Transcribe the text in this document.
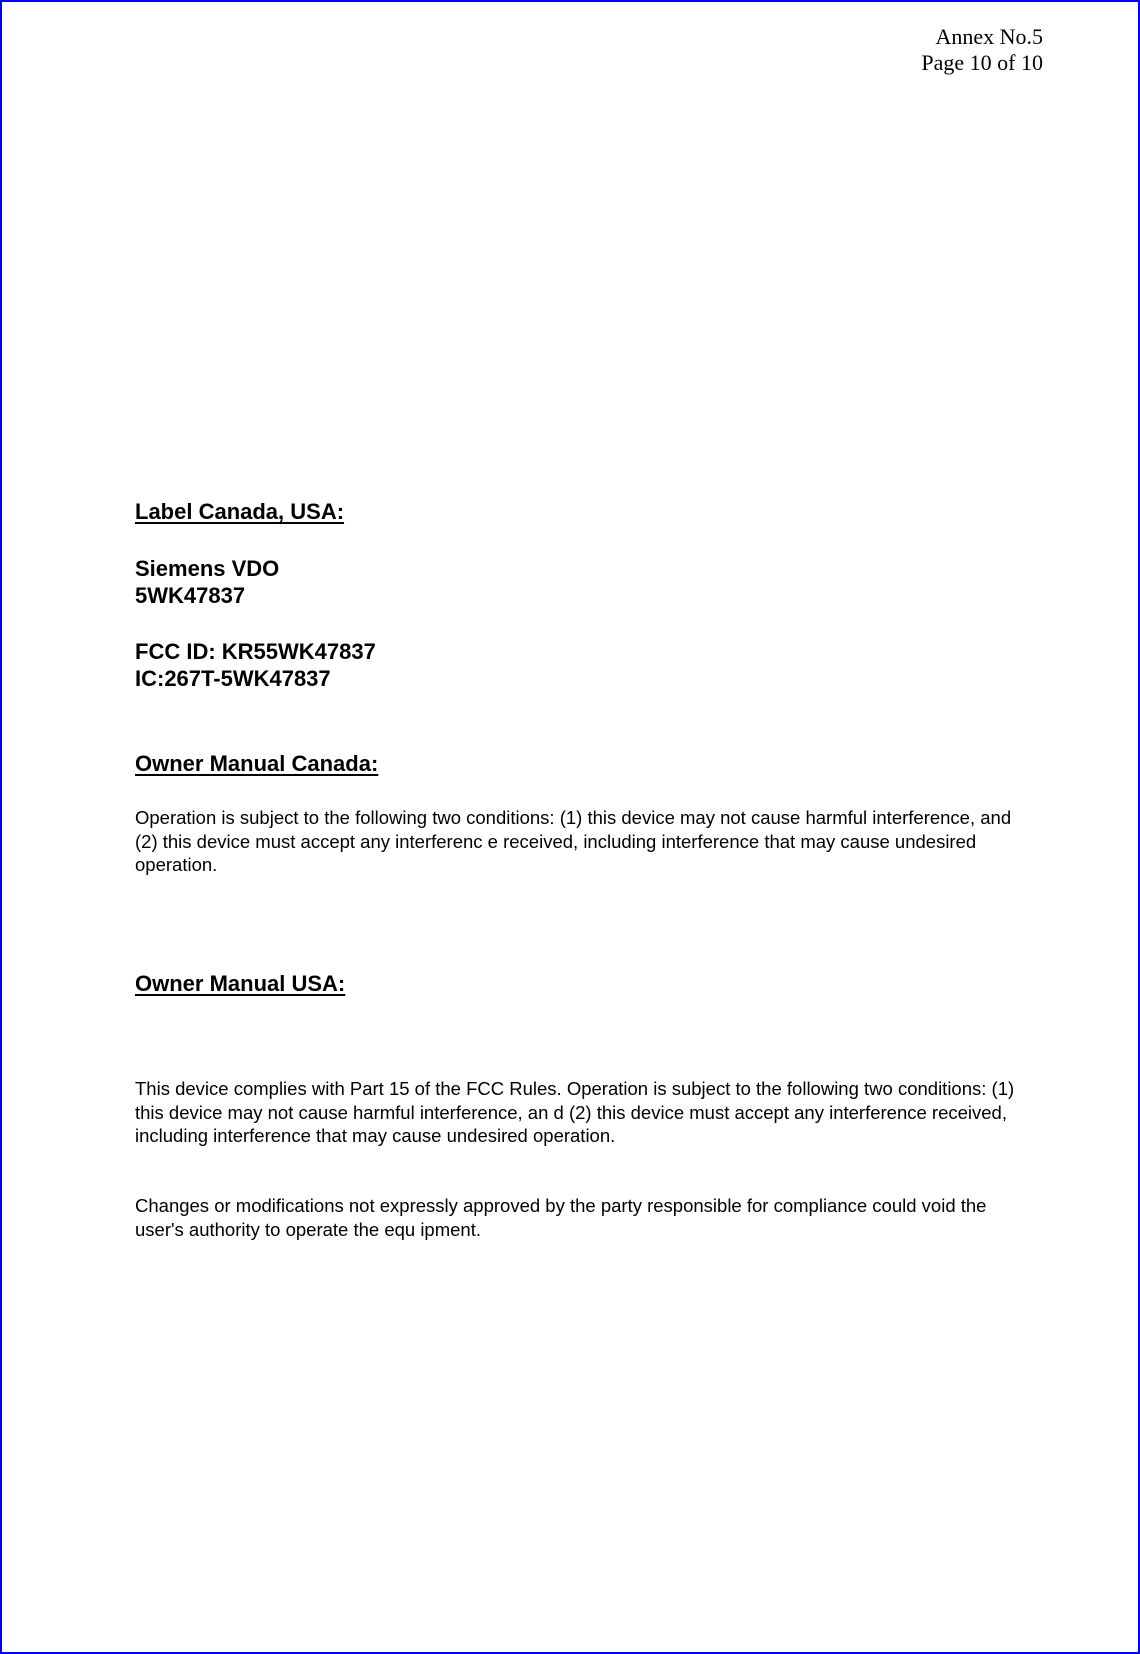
Annex No.5
Page 10 of 10
Label Canada, USA:
Siemens VDO
5WK47837
FCC ID: KR55WK47837
IC:267T-5WK47837
Owner Manual Canada:
Operation is subject to the following two conditions: (1) this device may not cause harmful interference, and (2) this device must accept any interferenc e received, including interference that may cause undesired operation.
Owner Manual USA:
This device complies with Part 15 of the FCC Rules. Operation is subject to the following two conditions: (1) this device may not cause harmful interference, an d (2) this device must accept any interference received, including interference that may cause undesired operation.
Changes or modifications not expressly approved by the party responsible for compliance could void the user's authority to operate the equ ipment.
